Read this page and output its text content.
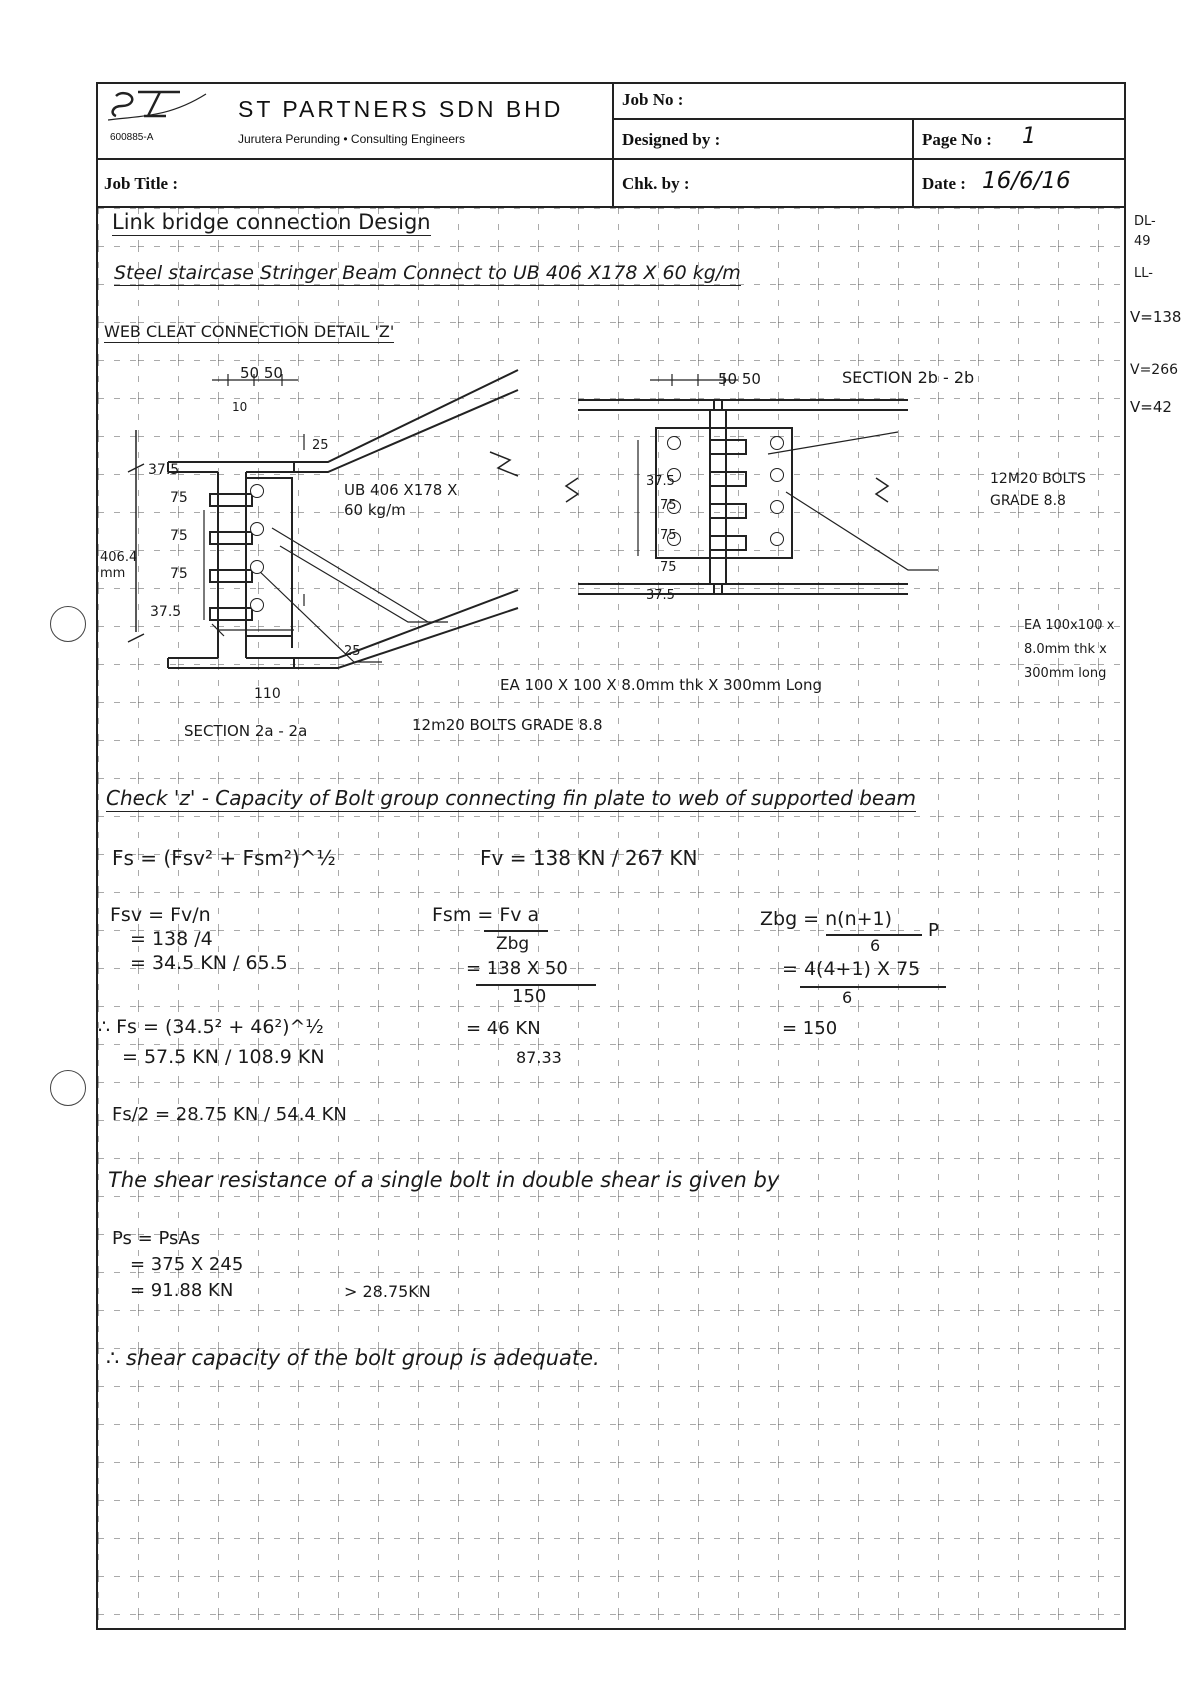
600885-A
ST PARTNERS SDN BHD
Jurutera Perunding • Consulting Engineers
Job No :
Designed by :	Page No : 1
Job Title :	Chk. by :	Date : 16/6/16
DL-
49
LL-
V=138
V=266
V=42
Link bridge connection Design
Steel staircase Stringer Beam Connect to UB 406 X178 X 60 kg/m
WEB CLEAT CONNECTION DETAIL 'Z'
50 50
10
25
37.5
75
75
75
37.5
406.4 mm
UB 406 X178 X 60 kg/m
25
110
SECTION 2a - 2a
50 50	SECTION 2b - 2b
37.5
75
75
75
37.5
12M20 BOLTS GRADE 8.8
EA 100x100 x 8.0mm thk x 300mm long
EA 100 X 100 X 8.0mm thk X 300mm Long
12m20 BOLTS GRADE 8.8
Check 'z' - Capacity of Bolt group connecting fin plate to web of supported beam
Fs = (Fsv² + Fsm²)^½	Fv = 138 KN / 267 KN
Fsv = Fv/n
= 138 /4
= 34.5 KN / 65.5
Fsm = Fv a
Zbg
= 138 X 50
150
= 46 KN
87.33
Zbg = n(n+1)
6
P
= 4(4+1) X 75
6
= 150
∴ Fs = (34.5² + 46²)^½
= 57.5 KN / 108.9 KN
Fs/2 = 28.75 KN / 54.4 KN
The shear resistance of a single bolt in double shear is given by
Ps = PsAs
= 375 X 245
= 91.88 KN	> 28.75KN
∴ shear capacity of the bolt group is adequate.
